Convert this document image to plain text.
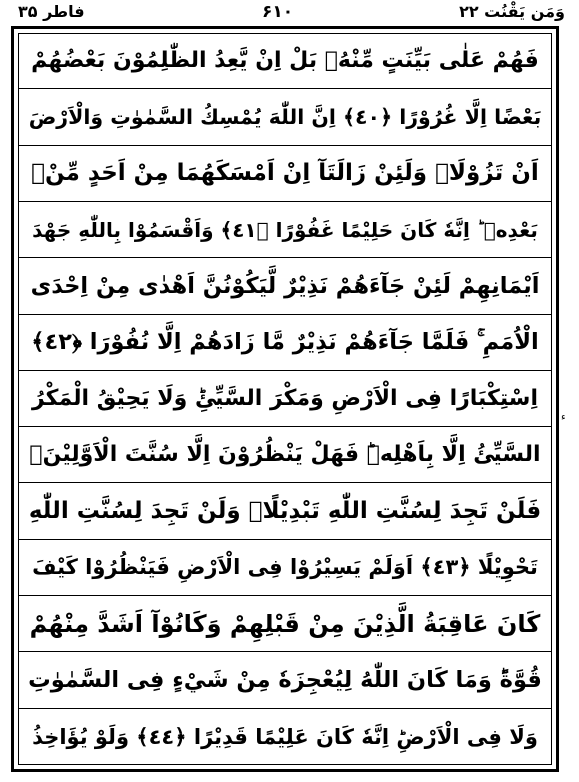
فاطر ۳۵	۶۱۰	وَمَن يَقْنُت ۲۲
فَهُمْ عَلٰى بَيِّنَتٍ مِّنْهُۚ بَلْ اِنْ يَّعِدُ الظّٰلِمُوْنَ بَعْضُهُمْ
بَعْضًا اِلَّا غُرُوْرًا ﴿٤٠﴾ اِنَّ اللّٰهَ يُمْسِكُ السَّمٰوٰتِ وَالْاَرْضَ
اَنْ تَزُوْلَاۚ وَلَئِنْ زَالَتَآ اِنْ اَمْسَكَهُمَا مِنْ اَحَدٍ مِّنْۢ
بَعْدِهٖ ؕ اِنَّهٗ كَانَ حَلِيْمًا غَفُوْرًا ﴿٤١﴾ وَاَقْسَمُوْا بِاللّٰهِ جَهْدَ
اَيْمَانِهِمْ لَئِنْ جَآءَهُمْ نَذِيْرٌ لَّيَكُوْنُنَّ اَهْدٰى مِنْ اِحْدَى
الْاُمَمِ ۚ فَلَمَّا جَآءَهُمْ نَذِيْرٌ مَّا زَادَهُمْ اِلَّا نُفُوْرَا ﴿٤٢﴾
اِسْتِكْبَارًا فِى الْاَرْضِ وَمَكْرَ السَّيِّئِؕ وَلَا يَحِيْقُ الْمَكْرُ
السَّيِّئُ اِلَّا بِاَهْلِهٖؕ فَهَلْ يَنْظُرُوْنَ اِلَّا سُنَّتَ الْاَوَّلِيْنَۚ
فَلَنْ تَجِدَ لِسُنَّتِ اللّٰهِ تَبْدِيْلًاۚ وَلَنْ تَجِدَ لِسُنَّتِ اللّٰهِ
تَحْوِيْلًا ﴿٤٣﴾ اَوَلَمْ يَسِيْرُوْا فِى الْاَرْضِ فَيَنْظُرُوْا كَيْفَ
كَانَ عَاقِبَةُ الَّذِيْنَ مِنْ قَبْلِهِمْ وَكَانُوْآ اَشَدَّ مِنْهُمْ
قُوَّةًؕ وَمَا كَانَ اللّٰهُ لِيُعْجِزَهٗ مِنْ شَيْءٍ فِى السَّمٰوٰتِ
وَلَا فِى الْاَرْضِؕ اِنَّهٗ كَانَ عَلِيْمًا قَدِيْرًا ﴿٤٤﴾ وَلَوْ يُؤَاخِذُ
ء
